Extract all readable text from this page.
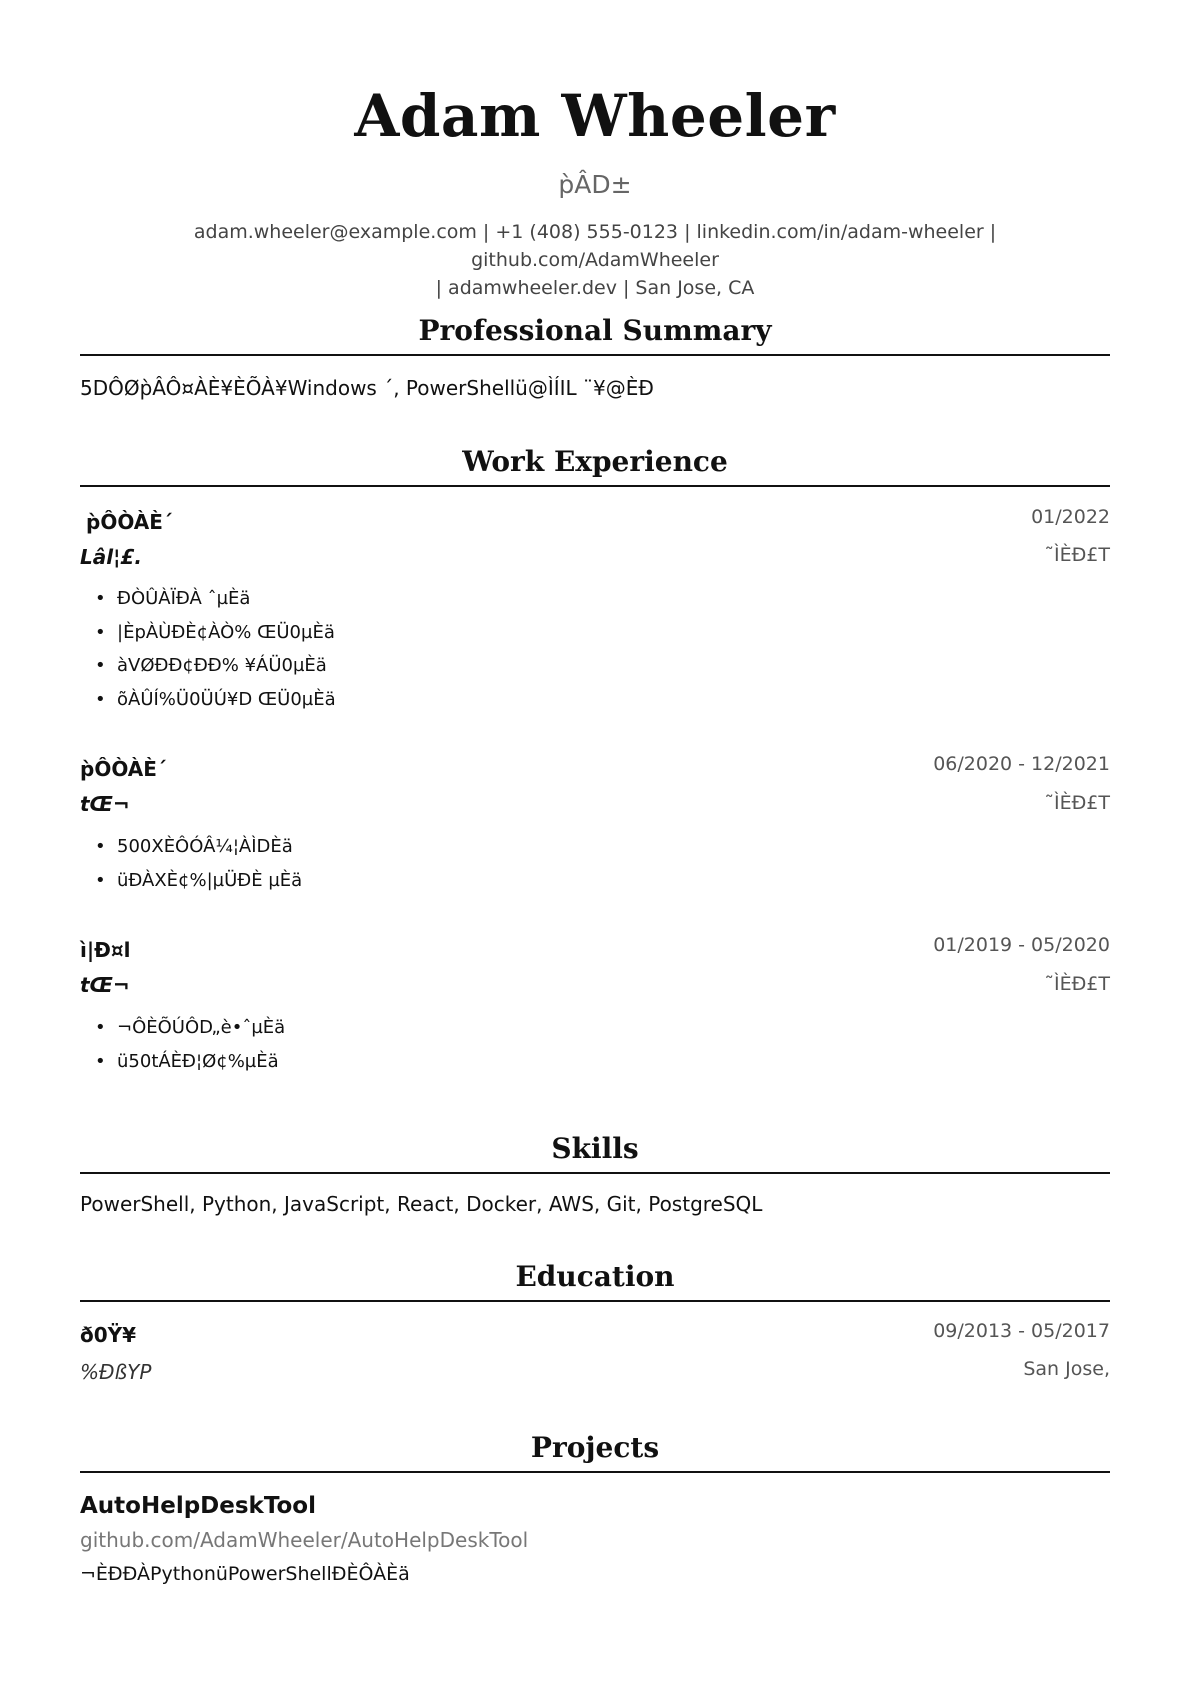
Adam Wheeler
p̀ÂD±
adam.wheeler@example.com | +1 (408) 555-0123 | linkedin.com/in/adam-wheeler | github.com/AdamWheeler
| adamwheeler.dev | San Jose, CA
Professional Summary
5DÔØp̀ÂÔ¤ÀÈ¥ÈÕÀ¥Windows ´, PowerShellü@ÌÍIL ¨¥@ÈÐ
Work Experience
p̀ÔÒÀÈ´	01/2022
Lâl¦£.	˜ÌÈÐ£T
• ÐÒÛÀÏÐÀ ˆµÈä
• |ÈpÀÙÐÈ¢ÀÒ% ŒÜ0µÈä
• àVØÐÐ¢ÐÐ% ¥ÁÜ0µÈä
• õÀÛÍ%Ü0ÜÚ¥D ŒÜ0µÈä
p̀ÔÒÀÈ´	06/2020 - 12/2021
tŒ¬	˜ÌÈÐ£T
• 500XÈÔÓÂ¼¦ÀÌDÈä
• üÐÀXÈ¢%|µÜÐÈ µÈä
ì|Ð¤l	01/2019 - 05/2020
tŒ¬	˜ÌÈÐ£T
• ¬ÔÈÕÚÔD„è•ˆµÈä
• ü50tÁÈÐ¦Ø¢%µÈä
Skills
PowerShell, Python, JavaScript, React, Docker, AWS, Git, PostgreSQL
Education
ð0Ÿ¥	09/2013 - 05/2017
%ÐßYP	San Jose,
Projects
AutoHelpDeskTool
github.com/AdamWheeler/AutoHelpDeskTool
¬ÈÐÐÀPythonüPowerShellÐÈÔÀÈä
